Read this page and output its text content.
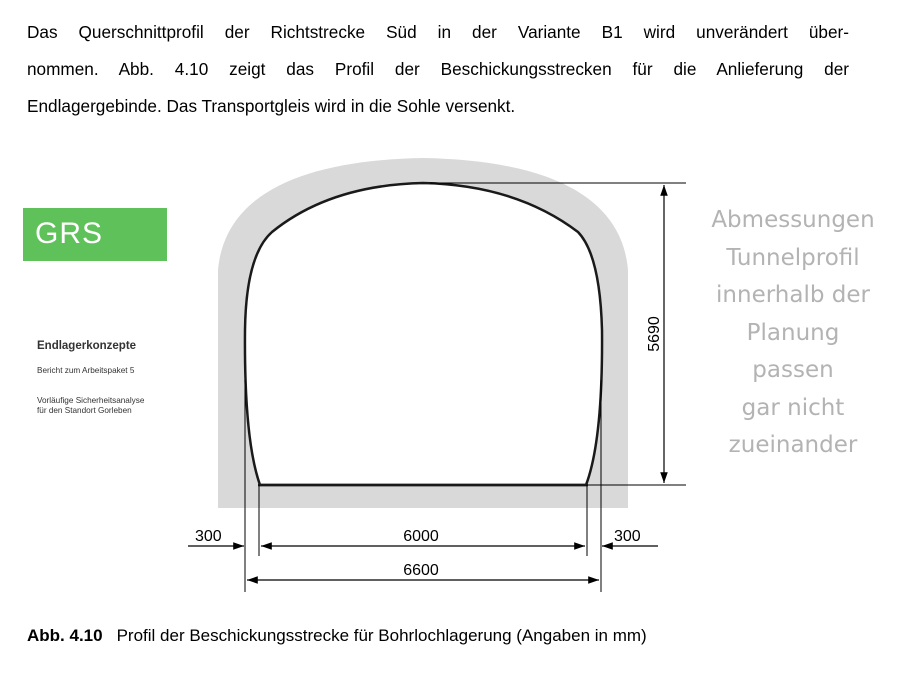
Das Querschnittprofil der Richtstrecke Süd in der Variante B1 wird unverändert über-
nommen. Abb. 4.10 zeigt das Profil der Beschickungsstrecken für die Anlieferung der
Endlagergebinde. Das Transportgleis wird in die Sohle versenkt.
GRS
Endlagerkonzepte
Bericht zum Arbeitspaket 5
Vorläufige Sicherheitsanalyse
für den Standort Gorleben
5690
300	6000	300
6600
Abmessungen
Tunnelprofil
innerhalb der
Planung
passen
gar nicht
zueinander
Abb. 4.10 Profil der Beschickungsstrecke für Bohrlochlagerung (Angaben in mm)
